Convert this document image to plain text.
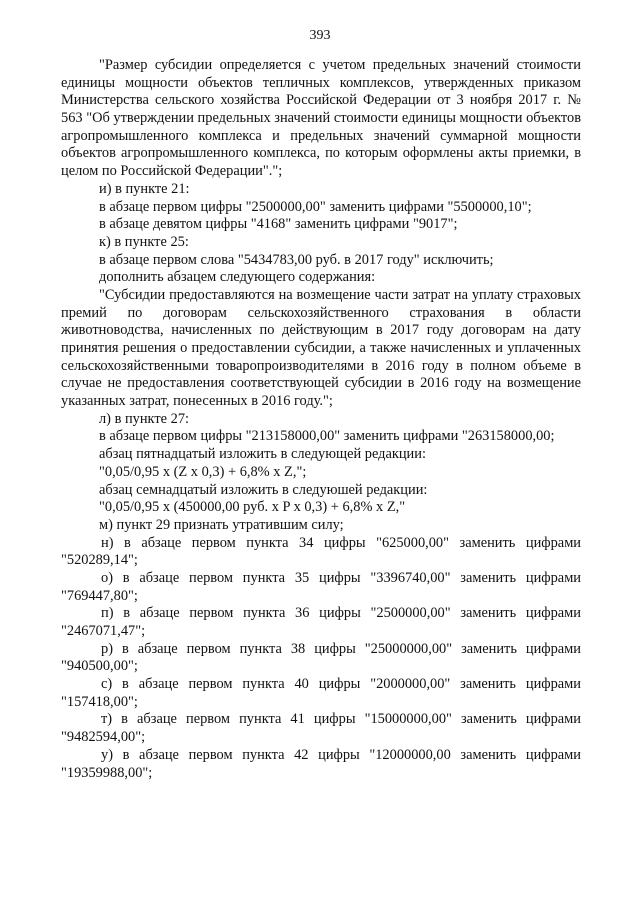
393
"Размер субсидии определяется с учетом предельных значений стоимости
единицы мощности объектов тепличных комплексов, утвержденных приказом
Министерства сельского хозяйства Российской Федерации от 3 ноября 2017 г. №
563 "Об утверждении предельных значений стоимости единицы мощности объектов
агропромышленного комплекса и предельных значений суммарной мощности
объектов агропромышленного комплекса, по которым оформлены акты приемки, в
целом по Российской Федерации".";
и) в пункте 21:
в абзаце первом цифры "2500000,00" заменить цифрами "5500000,10";
в абзаце девятом цифры "4168" заменить цифрами "9017";
к) в пункте 25:
в абзаце первом слова "5434783,00 руб. в 2017 году" исключить;
дополнить абзацем следующего содержания:
"Субсидии предоставляются на возмещение части затрат на уплату страховых
премий по договорам сельскохозяйственного страхования в области
животноводства, начисленных по действующим в 2017 году договорам на дату
принятия решения о предоставлении субсидии, а также начисленных и уплаченных
сельскохозяйственными товаропроизводителями в 2016 году в полном объеме в
случае не предоставления соответствующей субсидии в 2016 году на возмещение
указанных затрат, понесенных в 2016 году.";
л) в пункте 27:
в абзаце первом цифры "213158000,00" заменить цифрами "263158000,00;
абзац пятнадцатый изложить в следующей редакции:
"0,05/0,95 x (Z x 0,3) + 6,8% x Z,";
абзац семнадцатый изложить в следуюшей редакции:
"0,05/0,95 x (450000,00 руб. x P x 0,3) + 6,8% x Z,"
м) пункт 29 признать утратившим силу;
н) в абзаце первом пункта 34 цифры "625000,00" заменить цифрами
"520289,14";
о) в абзаце первом пункта 35 цифры "3396740,00" заменить цифрами
"769447,80";
п) в абзаце первом пункта 36 цифры "2500000,00" заменить цифрами
"2467071,47";
р) в абзаце первом пункта 38 цифры "25000000,00" заменить цифрами
"940500,00";
с) в абзаце первом пункта 40 цифры "2000000,00" заменить цифрами
"157418,00";
т) в абзаце первом пункта 41 цифры "15000000,00" заменить цифрами
"9482594,00";
у) в абзаце первом пункта 42 цифры "12000000,00 заменить цифрами
"19359988,00";
